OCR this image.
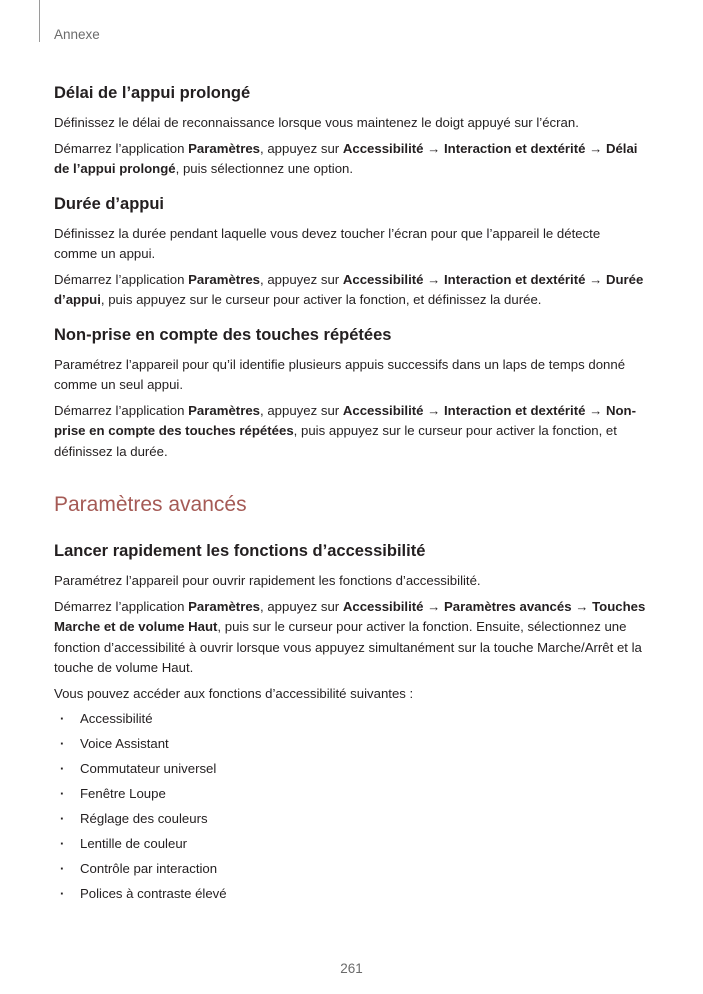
Annexe
Délai de l’appui prolongé

Définissez le délai de reconnaissance lorsque vous maintenez le doigt appuyé sur l’écran.

Démarrez l’application Paramètres, appuyez sur Accessibilité → Interaction et dextérité → Délai de l’appui prolongé, puis sélectionnez une option.

Durée d’appui

Définissez la durée pendant laquelle vous devez toucher l’écran pour que l’appareil le détecte comme un appui.

Démarrez l’application Paramètres, appuyez sur Accessibilité → Interaction et dextérité → Durée d’appui, puis appuyez sur le curseur pour activer la fonction, et définissez la durée.

Non-prise en compte des touches répétées

Paramétrez l’appareil pour qu’il identifie plusieurs appuis successifs dans un laps de temps donné comme un seul appui.

Démarrez l’application Paramètres, appuyez sur Accessibilité → Interaction et dextérité → Non-prise en compte des touches répétées, puis appuyez sur le curseur pour activer la fonction, et définissez la durée.

Paramètres avancés
Lancer rapidement les fonctions d’accessibilité

Paramétrez l’appareil pour ouvrir rapidement les fonctions d’accessibilité.

Démarrez l’application Paramètres, appuyez sur Accessibilité → Paramètres avancés → Touches Marche et de volume Haut, puis sur le curseur pour activer la fonction. Ensuite, sélectionnez une fonction d’accessibilité à ouvrir lorsque vous appuyez simultanément sur la touche Marche/Arrêt et la touche de volume Haut.

Vous pouvez accéder aux fonctions d’accessibilité suivantes :

· Accessibilité
· Voice Assistant
· Commutateur universel
· Fenêtre Loupe
· Réglage des couleurs
· Lentille de couleur
· Contrôle par interaction
· Polices à contraste élevé
261
